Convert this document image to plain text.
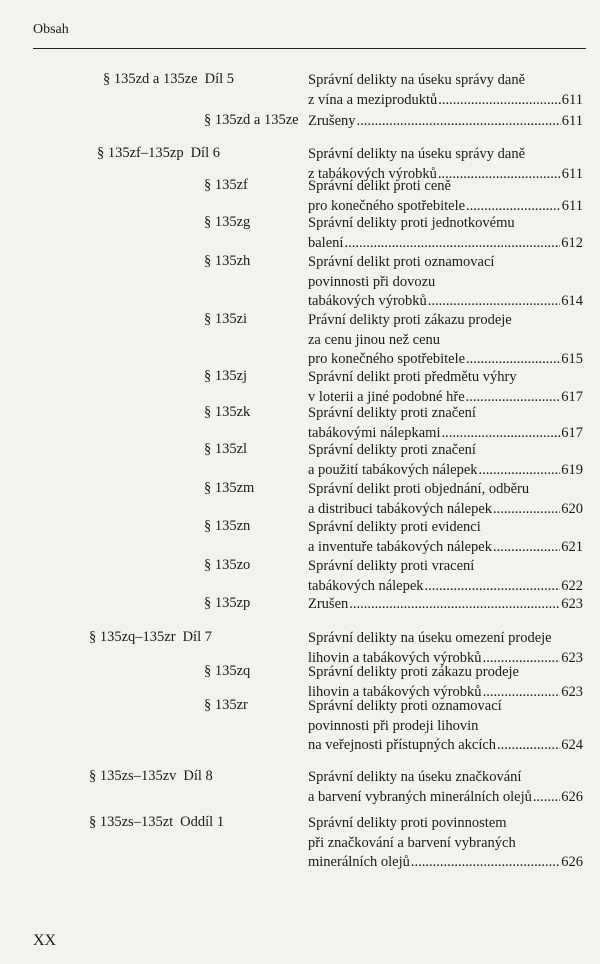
Obsah
§ 135zd a 135ze Díl 5	Správní delikty na úseku správy daně
z vína a meziproduktů .....	611
§ 135zd a 135ze Zrušeny .....	611
§ 135zf–135zp Díl 6	Správní delikty na úseku správy daně
z tabákových výrobků .....	611
§ 135zf	Správní delikt proti ceně
pro konečného spotřebitele .....	611
§ 135zg	Správní delikty proti jednotkovému
balení .....	612
§ 135zh	Správní delikt proti oznamovací
povinnosti při dovozu
tabákových výrobků .....	614
§ 135zi	Právní delikty proti zákazu prodeje
za cenu jinou než cenu
pro konečného spotřebitele .....	615
§ 135zj	Správní delikt proti předmětu výhry
v loterii a jiné podobné hře .....	617
§ 135zk	Správní delikty proti značení
tabákovými nálepkami .....	617
§ 135zl	Správní delikty proti značení
a použití tabákových nálepek .....	619
§ 135zm	Správní delikt proti objednání, odběru
a distribuci tabákových nálepek .....	620
§ 135zn	Správní delikty proti evidenci
a inventuře tabákových nálepek .....	621
§ 135zo	Správní delikty proti vracení
tabákových nálepek .....	622
§ 135zp	Zrušen .....	623
§ 135zq–135zr Díl 7	Správní delikty na úseku omezení prodeje
lihovin a tabákových výrobků .....	623
§ 135zq	Správní delikty proti zákazu prodeje
lihovin a tabákových výrobků .....	623
§ 135zr	Správní delikty proti oznamovací
povinnosti při prodeji lihovin
na veřejnosti přístupných akcích .....	624
§ 135zs–135zv Díl 8	Správní delikty na úseku značkování
a barvení vybraných minerálních olejů ..... 626
§ 135zs–135zt Oddíl 1	Správní delikty proti povinnostem
při značkování a barvení vybraných
minerálních olejů .....	626
XX
